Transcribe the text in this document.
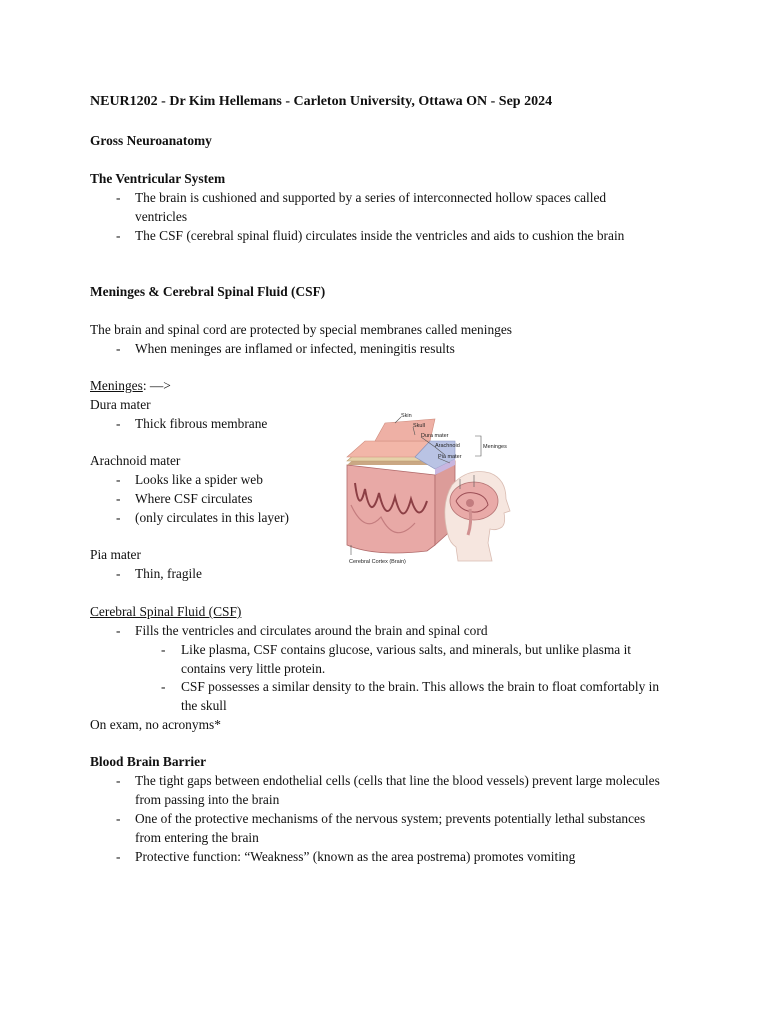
NEUR1202 - Dr Kim Hellemans - Carleton University, Ottawa ON - Sep 2024
Gross Neuroanatomy
The Ventricular System
- The brain is cushioned and supported by a series of interconnected hollow spaces called
ventricles
- The CSF (cerebral spinal fluid) circulates inside the ventricles and aids to cushion the brain
Meninges & Cerebral Spinal Fluid (CSF)
The brain and spinal cord are protected by special membranes called meninges
- When meninges are inflamed or infected, meningitis results
Meninges: —>
Dura mater
- Thick fibrous membrane
Arachnoid mater
- Looks like a spider web
- Where CSF circulates
- (only circulates in this layer)
Pia mater
- Thin, fragile
Skin
Skull
Dura mater
Arachnoid
Pia mater
Meninges
Cerebral Cortex (Brain)
Cerebral Spinal Fluid (CSF)
- Fills the ventricles and circulates around the brain and spinal cord
- Like plasma, CSF contains glucose, various salts, and minerals, but unlike plasma it
contains very little protein.
- CSF possesses a similar density to the brain. This allows the brain to float comfortably in
the skull
On exam, no acronyms*
Blood Brain Barrier
- The tight gaps between endothelial cells (cells that line the blood vessels) prevent large molecules
from passing into the brain
- One of the protective mechanisms of the nervous system; prevents potentially lethal substances
from entering the brain
- Protective function: “Weakness” (known as the area postrema) promotes vomiting
